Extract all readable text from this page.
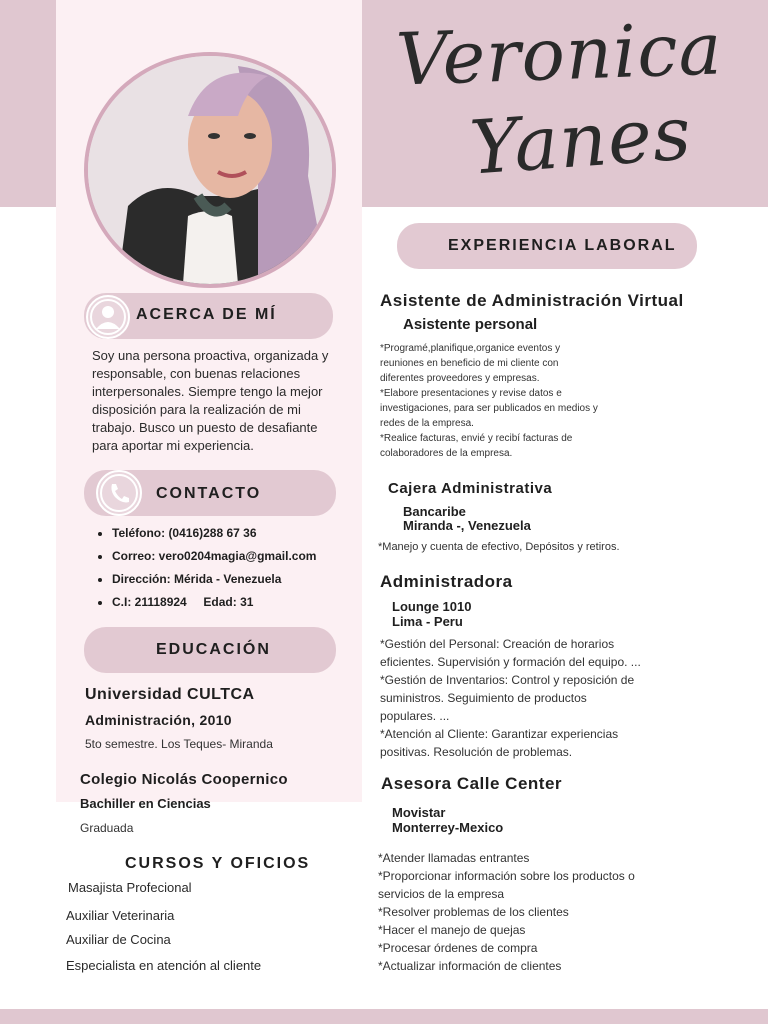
Veronica
Yanes
ACERCA DE MÍ
Soy una persona proactiva, organizada y responsable, con buenas relaciones interpersonales. Siempre tengo la mejor disposición para la realización de mi trabajo. Busco un puesto de desafiante para aportar mi experiencia.
CONTACTO
• Teléfono: (0416)288 67 36
• Correo: vero0204magia@gmail.com
• Dirección: Mérida - Venezuela
• C.I: 21118924     Edad: 31
EDUCACIÓN
Universidad CULTCA
Administración, 2010
5to semestre. Los Teques- Miranda
Colegio Nicolás Coopernico
Bachiller en Ciencias
Graduada
CURSOS Y OFICIOS
Masajista Profecional
Auxiliar Veterinaria
Auxiliar de Cocina
Especialista en atención al cliente
EXPERIENCIA LABORAL
Asistente de Administración Virtual
Asistente personal
*Programé,planifique,organice eventos y
reuniones en beneficio de mi cliente con
diferentes proveedores y empresas.
*Elabore presentaciones y revise datos e
investigaciones, para ser publicados en medios y
redes de la empresa.
*Realice facturas, envié y recibí facturas de
colaboradores de la empresa.
Cajera Administrativa
Bancaribe
Miranda -, Venezuela
*Manejo y cuenta de efectivo, Depósitos y retiros.
Administradora
Lounge 1010
Lima - Peru
*Gestión del Personal: Creación de horarios
eficientes. Supervisión y formación del equipo. ...
*Gestión de Inventarios: Control y reposición de
suministros. Seguimiento de productos
populares. ...
*Atención al Cliente: Garantizar experiencias
positivas. Resolución de problemas.
Asesora Calle Center
Movistar
Monterrey-Mexico
*Atender llamadas entrantes
*Proporcionar información sobre los productos o
servicios de la empresa
*Resolver problemas de los clientes
*Hacer el manejo de quejas
*Procesar órdenes de compra
*Actualizar información de clientes
